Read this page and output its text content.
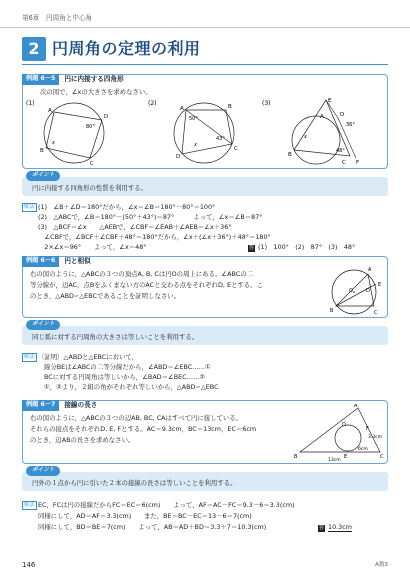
第6章　円周角と中心角
2 円周角の定理の利用
例題 6－5	円に内接する四角形
次の図で，∠xの大きさを求めなさい。
(1)
A
D
B
C
80°
x
(2)
A	B
D
C
50°
43°
x
(3)	E
D
A
B
C F
36°
48°
x
ポイント
円に内接する四角形の性質を利用する。
解法 (1)　∠B＋∠D＝180°だから，∠x＝∠B＝180°－80°＝100°
(2)　△ABCで，∠B＝180°－(50°＋43°)＝87°　　　よって，∠x＝∠B＝87°
(3)　△BCF＝∠x　　△AEBで，∠CBF＝∠EAB＋∠AEB＝∠x＋36°
　∠CBFで，∠BCF＋∠CBF＋48°＝180°だから，∠x＋(∠x＋36°)＋48°＝180°
　2×∠x＝96°　　よって，∠x＝48°	答 (1)　100°　(2)　87°　(3)　48°
例題 6－6	円と相似
右の図のように，△ABCの３つの頂点A, B, Cは円Oの周上にある。∠ABCの二
等分線が，辺AC，点Bをふくまない方のACと交わる点をそれぞれD, Eとする。こ
のとき，△ABD∽△EBCであることを証明しなさい。
A
B	C
D
E
O
ポイント
同じ弧に対する円周角の大きさは等しいことを利用する。
解法 〔証明〕△ABDと△EBCにおいて，
線分BEは∠ABCの二等分線だから，∠ABD＝∠EBC……①
BCに対する円周角は等しいから，∠BAD＝∠BEC……②
①，②より，２組の角がそれぞれ等しいから，△ABD∽△EBC
例題 6－7	接線の長さ
右の図のように，△ABCの３つの辺AB, BC, CAはすべて円に接している。
それらの接点をそれぞれD, E, Fとする。AC＝9.3cm，BC＝13cm，EC＝6cm
のとき，辺ABの長さを求めなさい。
A
B	C
E
D
F
3.3cm
6cm
13cm
ポイント
円外の１点から円に引いた２本の接線の長さは等しいことを利用する。
解法 EC，FCは円の接線だからFC＝EC＝6(cm)　　よって，AF＝AC－FC＝9.3－6＝3.3(cm)
同様にして，AD＝AF＝3.3(cm)　　また，BE＝BC－EC＝13－6＝7(cm)
同様にして，BD＝BE＝7(cm)　　よって，AB＝AD＋BD＝3.3＋7＝10.3(cm)	答 10.3cm
146	A数3
